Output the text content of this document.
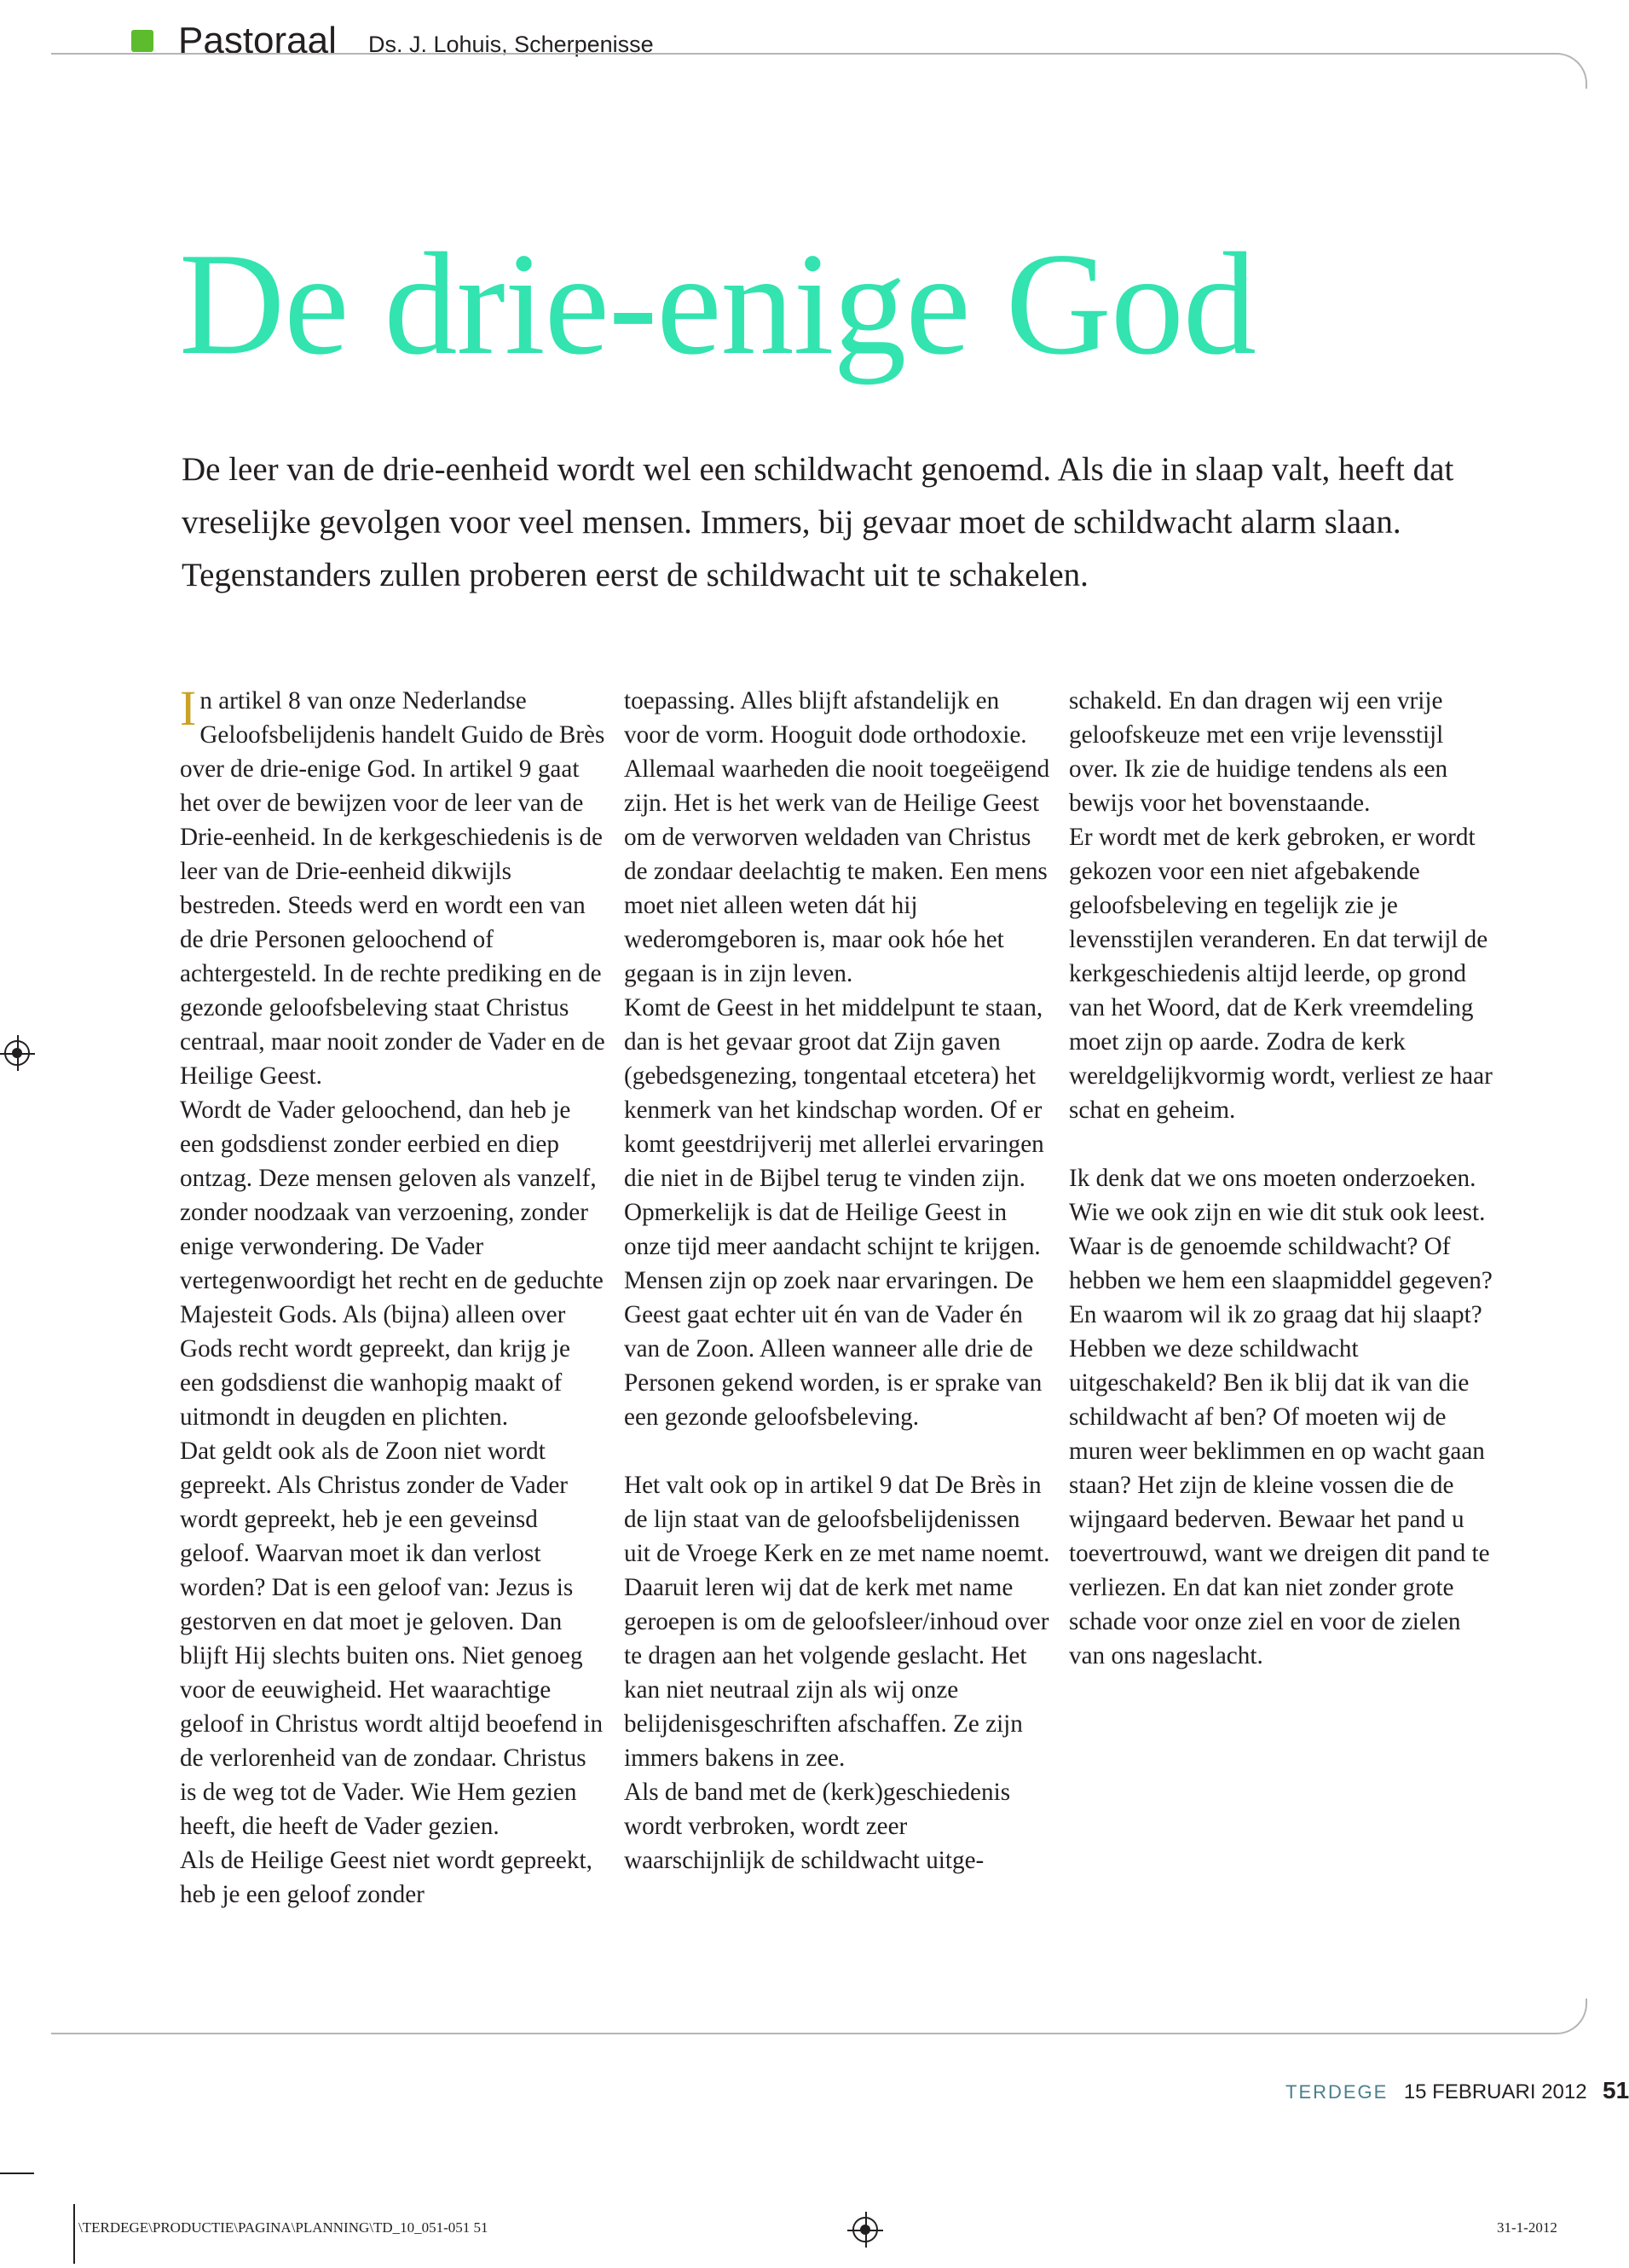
Pastoraal Ds. J. Lohuis, Scherpenisse
De drie-enige God

De leer van de drie-eenheid wordt wel een schildwacht genoemd. Als die in slaap valt, heeft dat vreselijke gevolgen voor veel mensen. Immers, bij gevaar moet de schildwacht alarm slaan. Tegenstanders zullen proberen eerst de schildwacht uit te schakelen.

In artikel 8 van onze Nederlandse Geloofsbelijdenis handelt Guido de Brès over de drie-enige God. In artikel 9 gaat het over de bewijzen voor de leer van de Drie-eenheid. In de kerkgeschiedenis is de leer van de Drie-eenheid dikwijls bestreden. Steeds werd en wordt een van de drie Personen geloochend of achtergesteld. In de rechte prediking en de gezonde geloofsbeleving staat Christus centraal, maar nooit zonder de Vader en de Heilige Geest.

Wordt de Vader geloochend, dan heb je een godsdienst zonder eerbied en diep ontzag. Deze mensen geloven als vanzelf, zonder noodzaak van verzoening, zonder enige verwondering. De Vader vertegenwoordigt het recht en de geduchte Majesteit Gods. Als (bijna) alleen over Gods recht wordt gepreekt, dan krijg je een godsdienst die wanhopig maakt of uitmondt in deugden en plichten.

Dat geldt ook als de Zoon niet wordt gepreekt. Als Christus zonder de Vader wordt gepreekt, heb je een geveinsd geloof. Waarvan moet ik dan verlost worden? Dat is een geloof van: Jezus is gestorven en dat moet je geloven. Dan blijft Hij slechts buiten ons. Niet genoeg voor de eeuwigheid. Het waarachtige geloof in Christus wordt altijd beoefend in de verlorenheid van de zondaar. Christus is de weg tot de Vader. Wie Hem gezien heeft, die heeft de Vader gezien.

Als de Heilige Geest niet wordt gepreekt, heb je een geloof zonder

toepassing. Alles blijft afstandelijk en voor de vorm. Hooguit dode orthodoxie. Allemaal waarheden die nooit toegeëigend zijn. Het is het werk van de Heilige Geest om de verworven weldaden van Christus de zondaar deelachtig te maken. Een mens moet niet alleen weten dát hij wederomgeboren is, maar ook hóe het gegaan is in zijn leven.

Komt de Geest in het middelpunt te staan, dan is het gevaar groot dat Zijn gaven (gebedsgenezing, tongentaal etcetera) het kenmerk van het kindschap worden. Of er komt geestdrijverij met allerlei ervaringen die niet in de Bijbel terug te vinden zijn. Opmerkelijk is dat de Heilige Geest in onze tijd meer aandacht schijnt te krijgen. Mensen zijn op zoek naar ervaringen. De Geest gaat echter uit én van de Vader én van de Zoon. Alleen wanneer alle drie de Personen gekend worden, is er sprake van een gezonde geloofsbeleving.

Het valt ook op in artikel 9 dat De Brès in de lijn staat van de geloofsbelijdenissen uit de Vroege Kerk en ze met name noemt. Daaruit leren wij dat de kerk met name geroepen is om de geloofsleer/inhoud over te dragen aan het volgende geslacht. Het kan niet neutraal zijn als wij onze belijdenisgeschriften afschaffen. Ze zijn immers bakens in zee.

Als de band met de (kerk)geschiedenis wordt verbroken, wordt zeer waarschijnlijk de schildwacht uitge-

schakeld. En dan dragen wij een vrije geloofskeuze met een vrije levensstijl over. Ik zie de huidige tendens als een bewijs voor het bovenstaande.

Er wordt met de kerk gebroken, er wordt gekozen voor een niet afgebakende geloofsbeleving en tegelijk zie je levensstijlen veranderen. En dat terwijl de kerkgeschiedenis altijd leerde, op grond van het Woord, dat de Kerk vreemdeling moet zijn op aarde. Zodra de kerk wereldgelijkvormig wordt, verliest ze haar schat en geheim.

Ik denk dat we ons moeten onderzoeken. Wie we ook zijn en wie dit stuk ook leest. Waar is de genoemde schildwacht? Of hebben we hem een slaapmiddel gegeven? En waarom wil ik zo graag dat hij slaapt? Hebben we deze schildwacht uitgeschakeld? Ben ik blij dat ik van die schildwacht af ben? Of moeten wij de muren weer beklimmen en op wacht gaan staan? Het zijn de kleine vossen die de wijngaard bederven. Bewaar het pand u toevertrouwd, want we dreigen dit pand te verliezen. En dat kan niet zonder grote schade voor onze ziel en voor de zielen van ons nageslacht.

TERDEGE 15 FEBRUARI 2012 51
\TERDEGE\PRODUCTIE\PAGINA\PLANNING\TD_10_051-051 51	31-1-2012
